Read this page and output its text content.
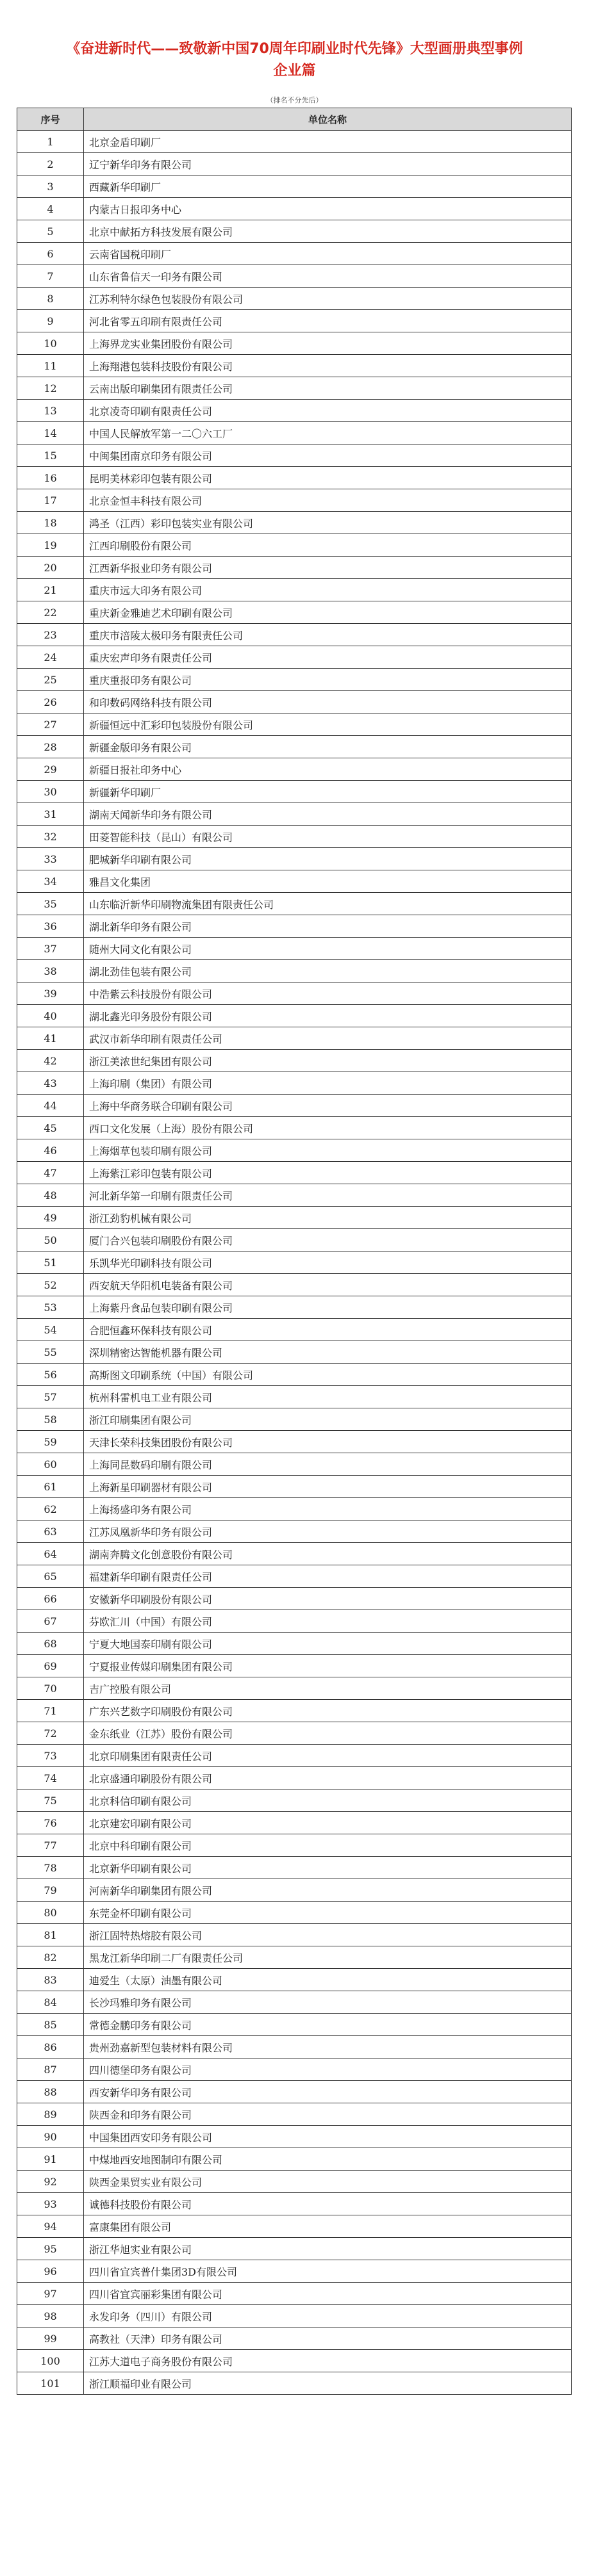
《奋进新时代——致敬新中国70周年印刷业时代先锋》大型画册典型事例
企业篇
（排名不分先后）
序号	单位名称
1	北京金盾印刷厂
2	辽宁新华印务有限公司
3	西藏新华印刷厂
4	内蒙古日报印务中心
5	北京中献拓方科技发展有限公司
6	云南省国税印刷厂
7	山东省鲁信天一印务有限公司
8	江苏利特尔绿色包装股份有限公司
9	河北省零五印刷有限责任公司
10	上海界龙实业集团股份有限公司
11	上海翔港包装科技股份有限公司
12	云南出版印刷集团有限责任公司
13	北京凌奇印刷有限责任公司
14	中国人民解放军第一二〇六工厂
15	中闽集团南京印务有限公司
16	昆明美林彩印包装有限公司
17	北京金恒丰科技有限公司
18	鸿圣（江西）彩印包装实业有限公司
19	江西印刷股份有限公司
20	江西新华报业印务有限公司
21	重庆市远大印务有限公司
22	重庆新金雅迪艺术印刷有限公司
23	重庆市涪陵太极印务有限责任公司
24	重庆宏声印务有限责任公司
25	重庆重报印务有限公司
26	和印数码网络科技有限公司
27	新疆恒远中汇彩印包装股份有限公司
28	新疆金版印务有限公司
29	新疆日报社印务中心
30	新疆新华印刷厂
31	湖南天闻新华印务有限公司
32	田菱智能科技（昆山）有限公司
33	肥城新华印刷有限公司
34	雅昌文化集团
35	山东临沂新华印刷物流集团有限责任公司
36	湖北新华印务有限公司
37	随州大同文化有限公司
38	湖北劲佳包装有限公司
39	中浩紫云科技股份有限公司
40	湖北鑫光印务股份有限公司
41	武汉市新华印刷有限责任公司
42	浙江美浓世纪集团有限公司
43	上海印刷（集团）有限公司
44	上海中华商务联合印刷有限公司
45	西口文化发展（上海）股份有限公司
46	上海烟草包装印刷有限公司
47	上海紫江彩印包装有限公司
48	河北新华第一印刷有限责任公司
49	浙江劲豹机械有限公司
50	厦门合兴包装印刷股份有限公司
51	乐凯华光印刷科技有限公司
52	西安航天华阳机电装备有限公司
53	上海紫丹食品包装印刷有限公司
54	合肥恒鑫环保科技有限公司
55	深圳精密达智能机器有限公司
56	高斯图文印刷系统（中国）有限公司
57	杭州科雷机电工业有限公司
58	浙江印刷集团有限公司
59	天津长荣科技集团股份有限公司
60	上海同昆数码印刷有限公司
61	上海新星印刷器材有限公司
62	上海扬盛印务有限公司
63	江苏凤凰新华印务有限公司
64	湖南奔腾文化创意股份有限公司
65	福建新华印刷有限责任公司
66	安徽新华印刷股份有限公司
67	芬欧汇川（中国）有限公司
68	宁夏大地国泰印刷有限公司
69	宁夏报业传媒印刷集团有限公司
70	吉广控股有限公司
71	广东兴艺数字印刷股份有限公司
72	金东纸业（江苏）股份有限公司
73	北京印刷集团有限责任公司
74	北京盛通印刷股份有限公司
75	北京科信印刷有限公司
76	北京建宏印刷有限公司
77	北京中科印刷有限公司
78	北京新华印刷有限公司
79	河南新华印刷集团有限公司
80	东莞金杯印刷有限公司
81	浙江固特热熔胶有限公司
82	黑龙江新华印刷二厂有限责任公司
83	迪爱生（太原）油墨有限公司
84	长沙玛雅印务有限公司
85	常德金鹏印务有限公司
86	贵州劲嘉新型包装材料有限公司
87	四川德堡印务有限公司
88	西安新华印务有限公司
89	陕西金和印务有限公司
90	中国集团西安印务有限公司
91	中煤地西安地图制印有限公司
92	陕西金果贸实业有限公司
93	诚德科技股份有限公司
94	富康集团有限公司
95	浙江华旭实业有限公司
96	四川省宜宾普什集团3D有限公司
97	四川省宜宾丽彩集团有限公司
98	永发印务（四川）有限公司
99	高教社（天津）印务有限公司
100	江苏大道电子商务股份有限公司
101	浙江顺福印业有限公司
